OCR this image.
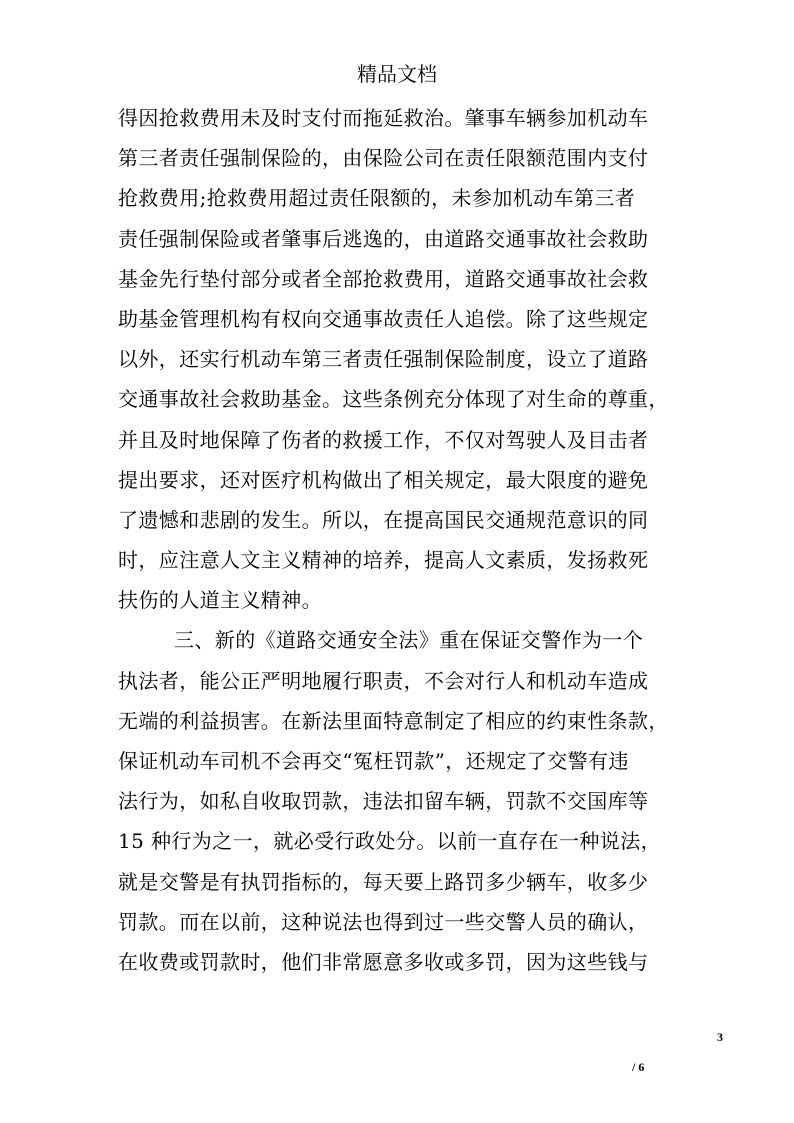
精品文档
得因抢救费用未及时支付而拖延救治。肇事车辆参加机动车
第三者责任强制保险的，由保险公司在责任限额范围内支付
抢救费用;抢救费用超过责任限额的，未参加机动车第三者
责任强制保险或者肇事后逃逸的，由道路交通事故社会救助
基金先行垫付部分或者全部抢救费用，道路交通事故社会救
助基金管理机构有权向交通事故责任人追偿。除了这些规定
以外，还实行机动车第三者责任强制保险制度，设立了道路
交通事故社会救助基金。这些条例充分体现了对生命的尊重，
并且及时地保障了伤者的救援工作，不仅对驾驶人及目击者
提出要求，还对医疗机构做出了相关规定，最大限度的避免
了遗憾和悲剧的发生。所以，在提高国民交通规范意识的同
时，应注意人文主义精神的培养，提高人文素质，发扬救死
扶伤的人道主义精神。
三、新的《道路交通安全法》重在保证交警作为一个
执法者，能公正严明地履行职责，不会对行人和机动车造成
无端的利益损害。在新法里面特意制定了相应的约束性条款，
保证机动车司机不会再交“冤枉罚款”，还规定了交警有违
法行为，如私自收取罚款，违法扣留车辆，罚款不交国库等
15 种行为之一，就必受行政处分。以前一直存在一种说法，
就是交警是有执罚指标的，每天要上路罚多少辆车，收多少
罚款。而在以前，这种说法也得到过一些交警人员的确认，
在收费或罚款时，他们非常愿意多收或多罚，因为这些钱与
3
/ 6
